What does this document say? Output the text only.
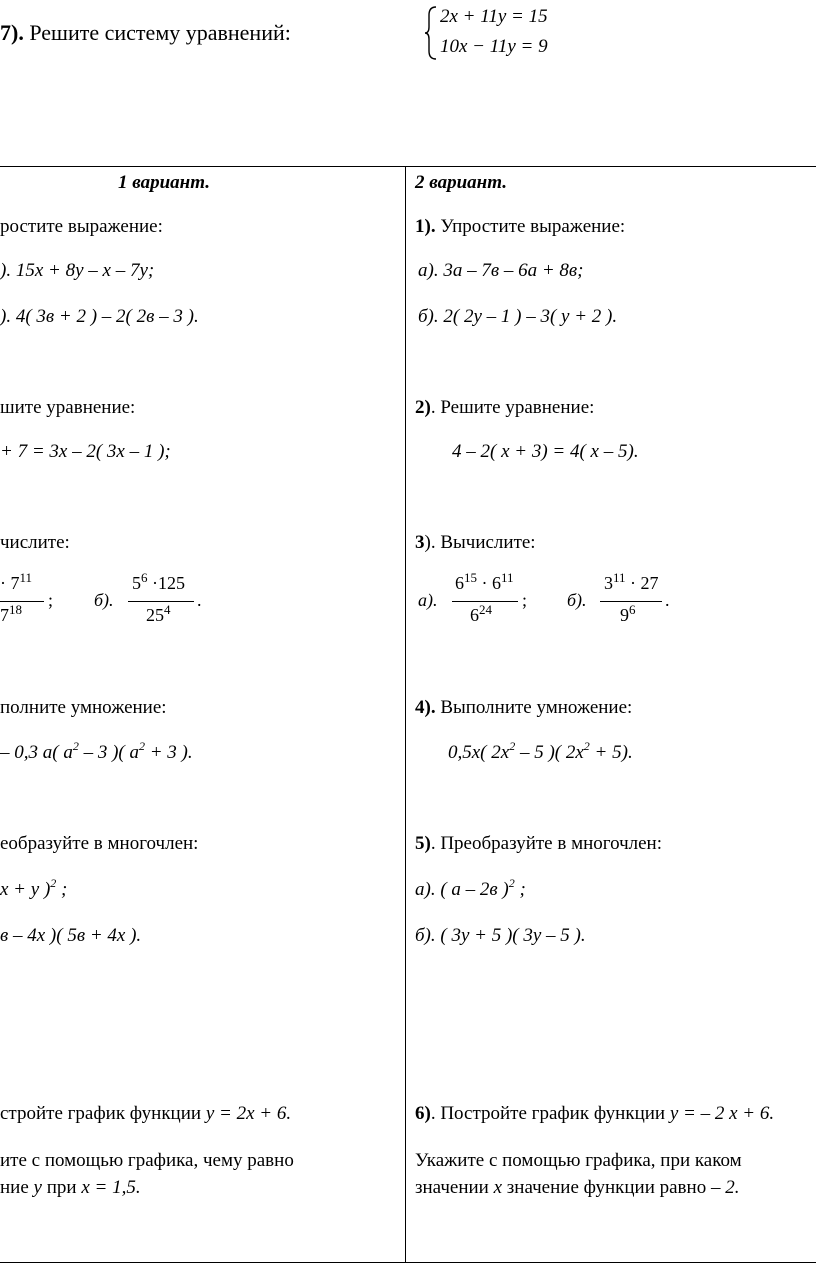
7). Решите систему уравнений:
2x + 11y = 15
10x − 11y = 9
1 вариант.
ростите выражение:
). 15x + 8y – x – 7y;
). 4( 3в + 2 ) – 2( 2в – 3 ).
шите уравнение:
+ 7 = 3x – 2( 3x – 1 );
числите:
· $7^{11}$
$7^{18}$ ; б).
$5^6 \cdot 125$
$25^4$ .
полните умножение:
– 0,3 a( $a^2 - 3$ )( $a^2 + 3$ ).
еобразуйте в многочлен:
x + y )$^2$ ;
в – 4x )( 5в + 4x ).
стройте график функции y = 2x + 6.
ите с помощью графика, чему равно
ние y при x = 1,5.
2 вариант.
1). Упростите выражение:
а). 3а – 7в – 6а + 8в;
б). 2( 2у – 1 ) – 3( у + 2 ).
2). Решите уравнение:
4 – 2( x + 3) = 4( x – 5).
3). Вычислите:
а).
$6^{15} \cdot 6^{11}$
$6^{24}$ ; б).
$3^{11} \cdot 27$
$9^6$ .
4). Выполните умножение:
0,5x( $2x^2 - 5$ )( $2x^2 + 5$).
5). Преобразуйте в многочлен:
а). ( а – 2в )$^2$ ;
б). ( 3у + 5 )( 3у – 5 ).
6). Постройте график функции y = – 2 x + 6.
Укажите с помощью графика, при каком
значении x значение функции равно – 2.
